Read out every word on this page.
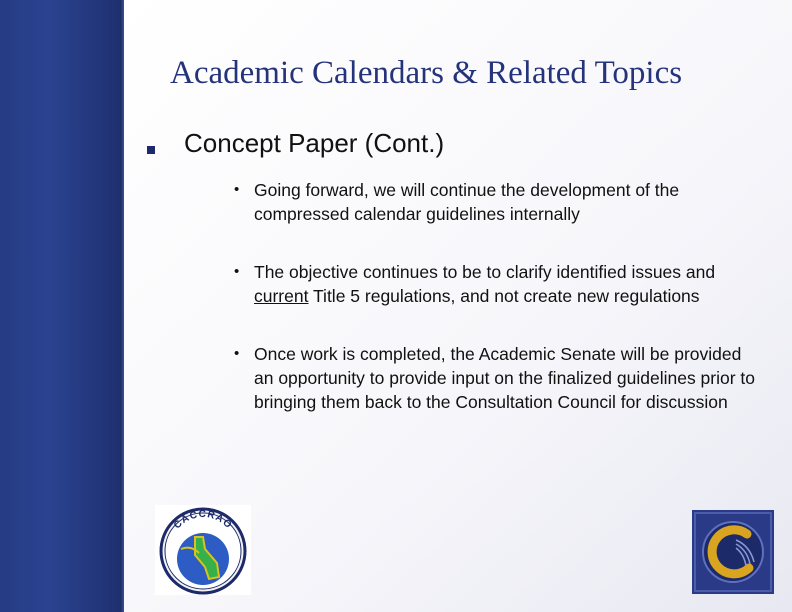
Academic Calendars & Related Topics
Concept Paper (Cont.)
• Going forward, we will continue the development of the compressed calendar guidelines internally
• The objective continues to be to clarify identified issues and current Title 5 regulations, and not create new regulations
• Once work is completed, the Academic Senate will be provided an opportunity to provide input on the finalized guidelines prior to bringing them back to the Consultation Council for discussion
CACCRAO
